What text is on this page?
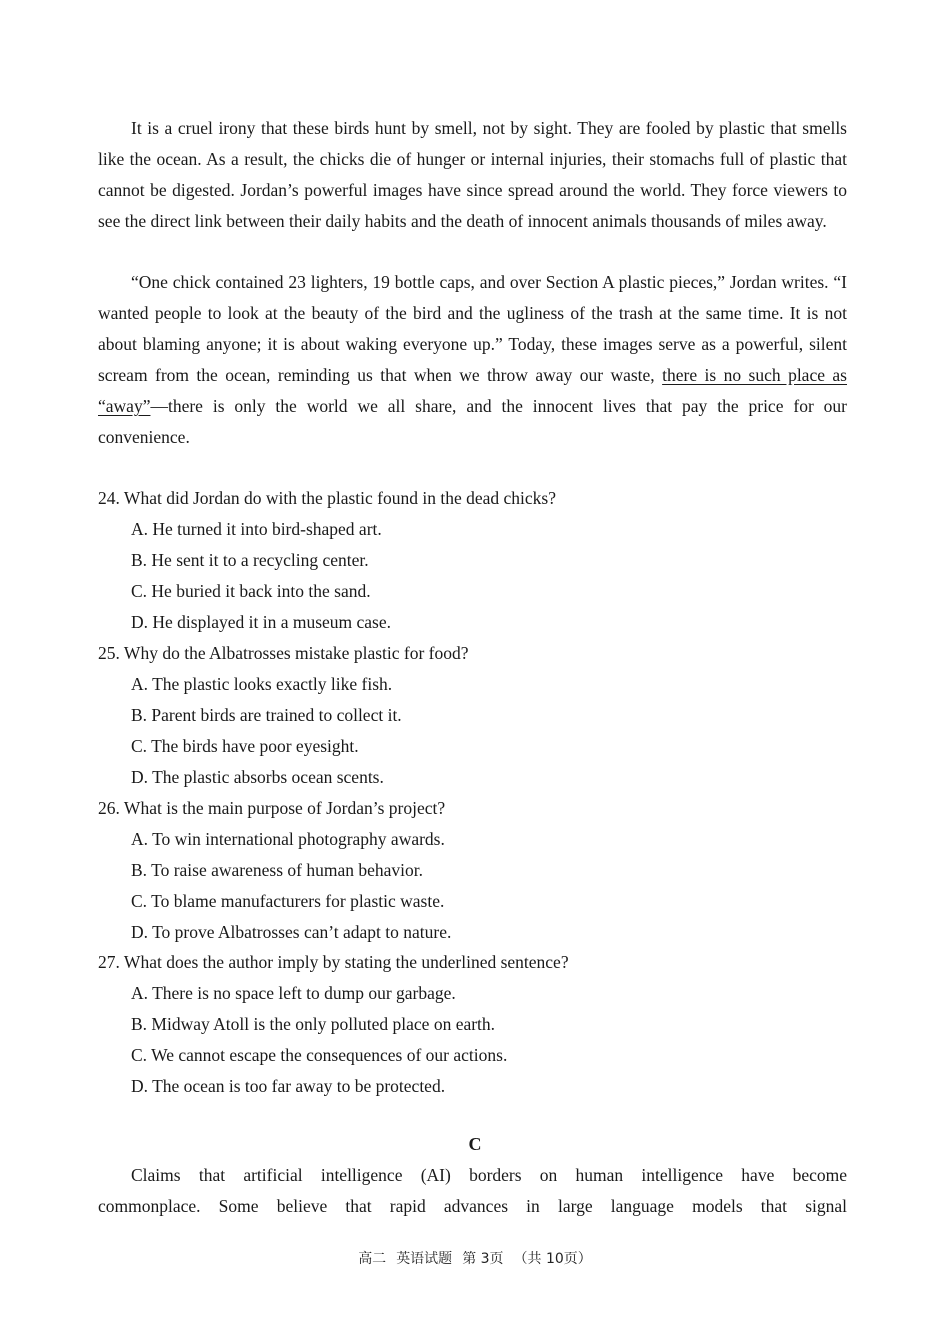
It is a cruel irony that these birds hunt by smell, not by sight. They are fooled by plastic that smells like the ocean. As a result, the chicks die of hunger or internal injuries, their stomachs full of plastic that cannot be digested. Jordan’s powerful images have since spread around the world. They force viewers to see the direct link between their daily habits and the death of innocent animals thousands of miles away.

“One chick contained 23 lighters, 19 bottle caps, and over Section A plastic pieces,” Jordan writes. “I wanted people to look at the beauty of the bird and the ugliness of the trash at the same time. It is not about blaming anyone; it is about waking everyone up.” Today, these images serve as a powerful, silent scream from the ocean, reminding us that when we throw away our waste, there is no such place as “away”—there is only the world we all share, and the innocent lives that pay the price for our convenience.

24. What did Jordan do with the plastic found in the dead chicks?
A. He turned it into bird-shaped art.
B. He sent it to a recycling center.
C. He buried it back into the sand.
D. He displayed it in a museum case.
25. Why do the Albatrosses mistake plastic for food?
A. The plastic looks exactly like fish.
B. Parent birds are trained to collect it.
C. The birds have poor eyesight.
D. The plastic absorbs ocean scents.
26. What is the main purpose of Jordan’s project?
A. To win international photography awards.
B. To raise awareness of human behavior.
C. To blame manufacturers for plastic waste.
D. To prove Albatrosses can’t adapt to nature.
27. What does the author imply by stating the underlined sentence?
A. There is no space left to dump our garbage.
B. Midway Atoll is the only polluted place on earth.
C. We cannot escape the consequences of our actions.
D. The ocean is too far away to be protected.
C
Claims that artificial intelligence (AI) borders on human intelligence have become
commonplace. Some believe that rapid advances in large language models that signal
高二 英语试题 第 3页 （共 10页）
